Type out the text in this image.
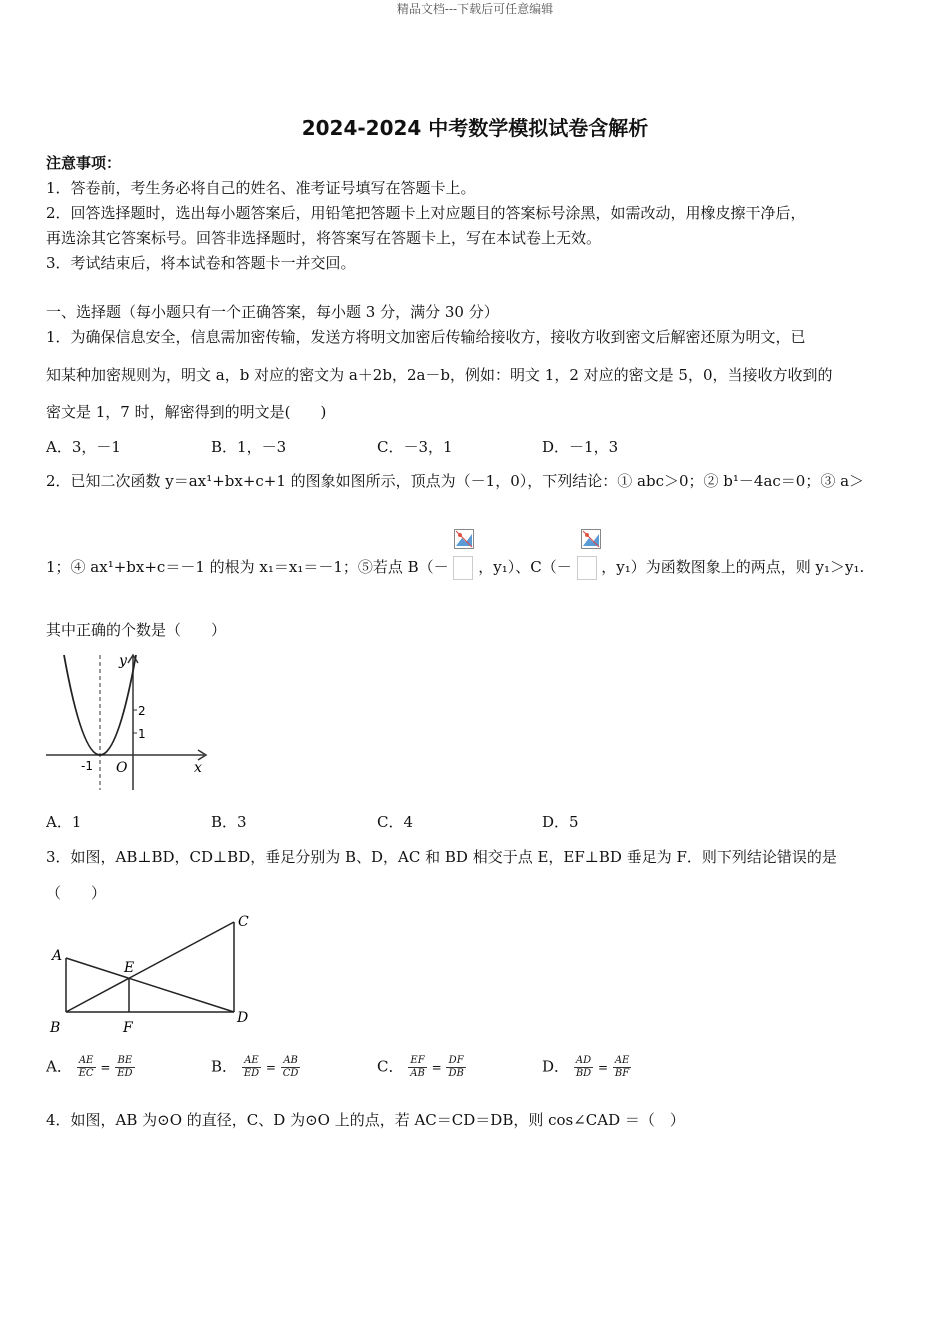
精品文档---下载后可任意编辑
2024-2024 中考数学模拟试卷含解析
注意事项：
1．答卷前，考生务必将自己的姓名、准考证号填写在答题卡上。
2．回答选择题时，选出每小题答案后，用铅笔把答题卡上对应题目的答案标号涂黑，如需改动，用橡皮擦干净后，
再选涂其它答案标号。回答非选择题时，将答案写在答题卡上，写在本试卷上无效。
3．考试结束后，将本试卷和答题卡一并交回。
一、选择题（每小题只有一个正确答案，每小题 3 分，满分 30 分）
1．为确保信息安全，信息需加密传输，发送方将明文加密后传输给接收方，接收方收到密文后解密还原为明文，已
知某种加密规则为，明文 a，b 对应的密文为 a＋2b，2a－b，例如：明文 1，2 对应的密文是 5，0，当接收方收到的
密文是 1，7 时，解密得到的明文是(　　)
A．3，－1	B．1，－3	C．－3，1	D．－1，3
2．已知二次函数 y＝ax¹+bx+c+1 的图象如图所示，顶点为（－1，0），下列结论：① abc＞0；② b¹－4ac＝0；③ a＞
1；④ ax¹+bx+c＝－1 的根为 x₁＝x₁＝－1；⑤若点 B（－ ，y₁）、C（－ ，y₁）为函数图象上的两点，则 y₁＞y₁.
其中正确的个数是（　　）
y
x
O
-1
2
1
A．1	B．3	C．4	D．5
3．如图，AB⊥BD，CD⊥BD，垂足分别为 B、D，AC 和 BD 相交于点 E，EF⊥BD 垂足为 F．则下列结论错误的是
（　　）
A
B
C
D
E
F
A． $\frac{AE}{EC} = \frac{BE}{ED}$	B． $\frac{AE}{ED} = \frac{AB}{CD}$	C． $\frac{EF}{AB} = \frac{DF}{DB}$	D． $\frac{AD}{BD} = \frac{AE}{BF}$
4．如图，AB 为⊙O 的直径，C、D 为⊙O 上的点，若 AC＝CD＝DB，则 cos∠CAD ＝（　）
